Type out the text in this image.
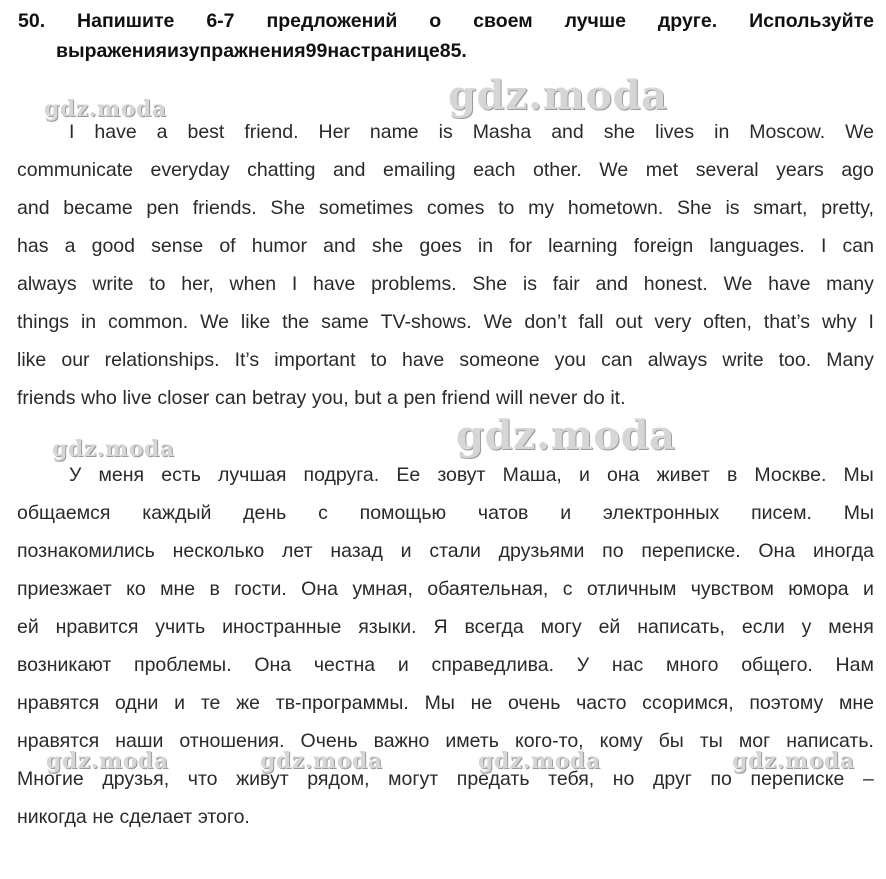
50. Напишите 6-7 предложений о своем лучше друге. Используйте
выражения из упражнения 99 на странице 85.
I have a best friend. Her name is Masha and she lives in Moscow. We
communicate everyday chatting and emailing each other. We met several years ago
and became pen friends. She sometimes comes to my hometown. She is smart, pretty,
has a good sense of humor and she goes in for learning foreign languages. I can
always write to her, when I have problems. She is fair and honest. We have many
things in common. We like the same TV-shows. We don’t fall out very often, that’s why I
like our relationships. It’s important to have someone you can always write too. Many
friends who live closer can betray you, but a pen friend will never do it.
У меня есть лучшая подруга. Ее зовут Маша, и она живет в Москве. Мы
общаемся каждый день с помощью чатов и электронных писем. Мы
познакомились несколько лет назад и стали друзьями по переписке. Она иногда
приезжает ко мне в гости. Она умная, обаятельная, с отличным чувством юмора и
ей нравится учить иностранные языки. Я всегда могу ей написать, если у меня
возникают проблемы. Она честна и справедлива. У нас много общего. Нам
нравятся одни и те же тв-программы. Мы не очень часто ссоримся, поэтому мне
нравятся наши отношения. Очень важно иметь кого-то, кому бы ты мог написать.
Многие друзья, что живут рядом, могут предать тебя, но друг по переписке –
никогда не сделает этого.
gdz.moda	gdz.moda
gdz.moda	gdz.moda
gdz.moda	gdz.moda	gdz.moda	gdz.moda
